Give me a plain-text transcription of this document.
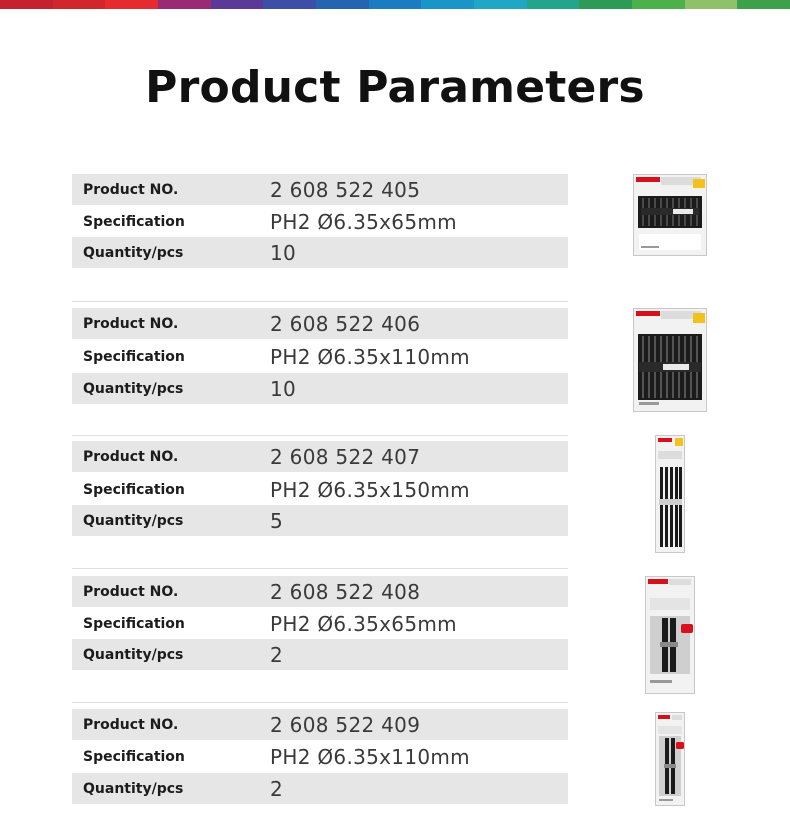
Product Parameters
Product NO.	2 608 522 405
Specification	PH2 Ø6.35x65mm
Quantity/pcs	10
Product NO.	2 608 522 406
Specification	PH2 Ø6.35x110mm
Quantity/pcs	10
Product NO.	2 608 522 407
Specification	PH2 Ø6.35x150mm
Quantity/pcs	5
Product NO.	2 608 522 408
Specification	PH2 Ø6.35x65mm
Quantity/pcs	2
Product NO.	2 608 522 409
Specification	PH2 Ø6.35x110mm
Quantity/pcs	2
